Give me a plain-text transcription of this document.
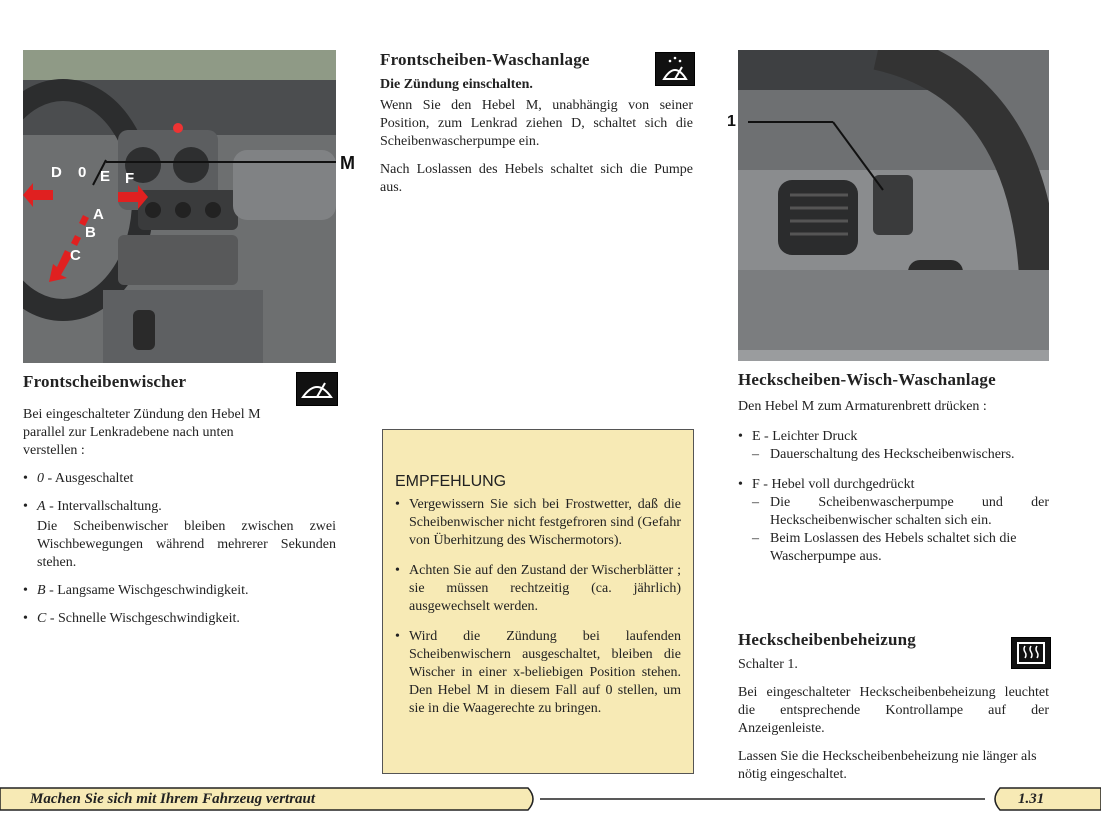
D 0 E F
A
B
C
M
1
Frontscheiben-Waschanlage

Die Zündung einschalten.

Wenn Sie den Hebel M, unabhängig von seiner Position, zum Lenkrad ziehen D, schaltet sich die Scheibenwascherpumpe ein.

Nach Loslassen des Hebels schaltet sich die Pumpe aus.

Frontscheibenwischer

Bei eingeschalteter Zündung den Hebel M parallel zur Lenkradebene nach unten verstellen :

• 0 - Ausgeschaltet
• A - Intervallschaltung.

Die Scheibenwischer bleiben zwischen zwei Wischbewegungen während mehrerer Sekunden stehen.

• B - Langsame Wischgeschwindigkeit.
• C - Schnelle Wischgeschwindigkeit.
EMPFEHLUNG
• Vergewissern Sie sich bei Frostwetter, daß die Scheibenwischer nicht festgefroren sind (Gefahr von Überhitzung des Wischermotors).
• Achten Sie auf den Zustand der Wischerblätter ; sie müssen rechtzeitig (ca. jährlich) ausgewechselt werden.
• Wird die Zündung bei laufenden Scheibenwischern ausgeschaltet, bleiben die Wischer in einer x-beliebigen Position stehen. Den Hebel M in diesem Fall auf 0 stellen, um sie in die Waagerechte zu bringen.
Heckscheiben-Wisch-Waschanlage

Den Hebel M zum Armaturenbrett drücken :

• E - Leichter Druck
– Dauerschaltung des Heckscheibenwischers.
• F - Hebel voll durchgedrückt
– Die Scheibenwascherpumpe und der Heckscheibenwischer schalten sich ein.
– Beim Loslassen des Hebels schaltet sich die Wascherpumpe aus.
Heckscheibenbeheizung

Schalter 1.

Bei eingeschalteter Heckscheibenbeheizung leuchtet die entsprechende Kontrollampe auf der Anzeigenleiste.

Lassen Sie die Heckscheibenbeheizung nie länger als nötig eingeschaltet.

Machen Sie sich mit Ihrem Fahrzeug vertraut	1.31
